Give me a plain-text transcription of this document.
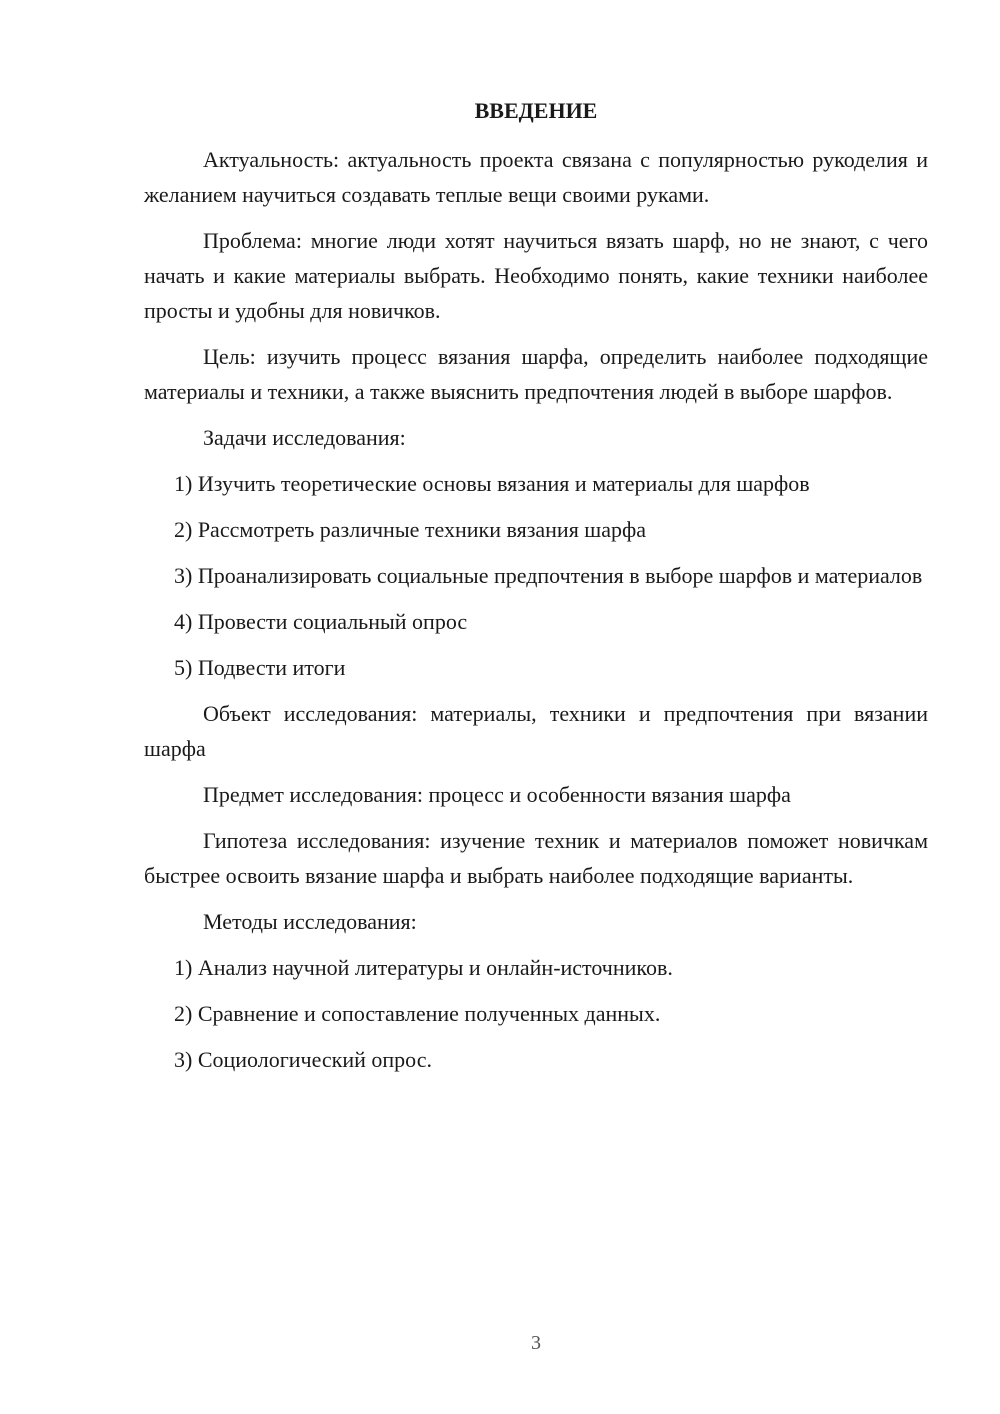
ВВЕДЕНИЕ

Актуальность: актуальность проекта связана с популярностью рукоделия и желанием научиться создавать теплые вещи своими руками.

Проблема: многие люди хотят научиться вязать шарф, но не знают, с чего начать и какие материалы выбрать. Необходимо понять, какие техники наиболее просты и удобны для новичков.

Цель: изучить процесс вязания шарфа, определить наиболее подходящие материалы и техники, а также выяснить предпочтения людей в выборе шарфов.

Задачи исследования:

1) Изучить теоретические основы вязания и материалы для шарфов

2) Рассмотреть различные техники вязания шарфа

3) Проанализировать социальные предпочтения в выборе шарфов и материалов

4) Провести социальный опрос

5) Подвести итоги

Объект исследования: материалы, техники и предпочтения при вязании шарфа

Предмет исследования: процесс и особенности вязания шарфа

Гипотеза исследования: изучение техник и материалов поможет новичкам быстрее освоить вязание шарфа и выбрать наиболее подходящие варианты.

Методы исследования:

1) Анализ научной литературы и онлайн-источников.

2) Сравнение и сопоставление полученных данных.

3) Социологический опрос.

3
